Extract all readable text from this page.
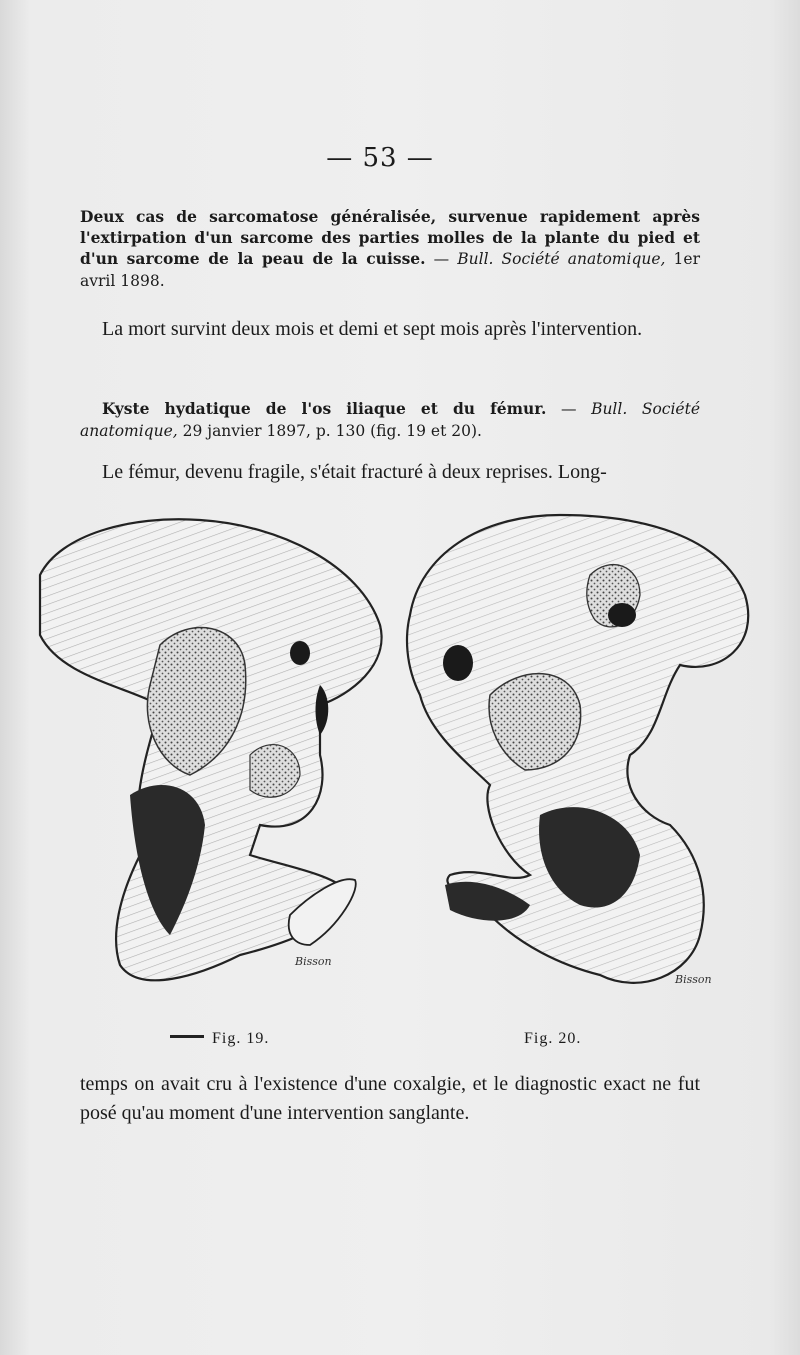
— 53 —
Deux cas de sarcomatose généralisée, survenue rapidement après l'extirpation d'un sarcome des parties molles de la plante du pied et d'un sarcome de la peau de la cuisse. — Bull. Société anatomique, 1er avril 1898.
La mort survint deux mois et demi et sept mois après l'intervention.
Kyste hydatique de l'os iliaque et du fémur. — Bull. Société anatomique, 29 janvier 1897, p. 130 (fig. 19 et 20).
Le fémur, devenu fragile, s'était fracturé à deux reprises. Long-
Bisson
Bisson
Fig. 19.	Fig. 20.
temps on avait cru à l'existence d'une coxalgie, et le diagnostic exact ne fut posé qu'au moment d'une intervention sanglante.
